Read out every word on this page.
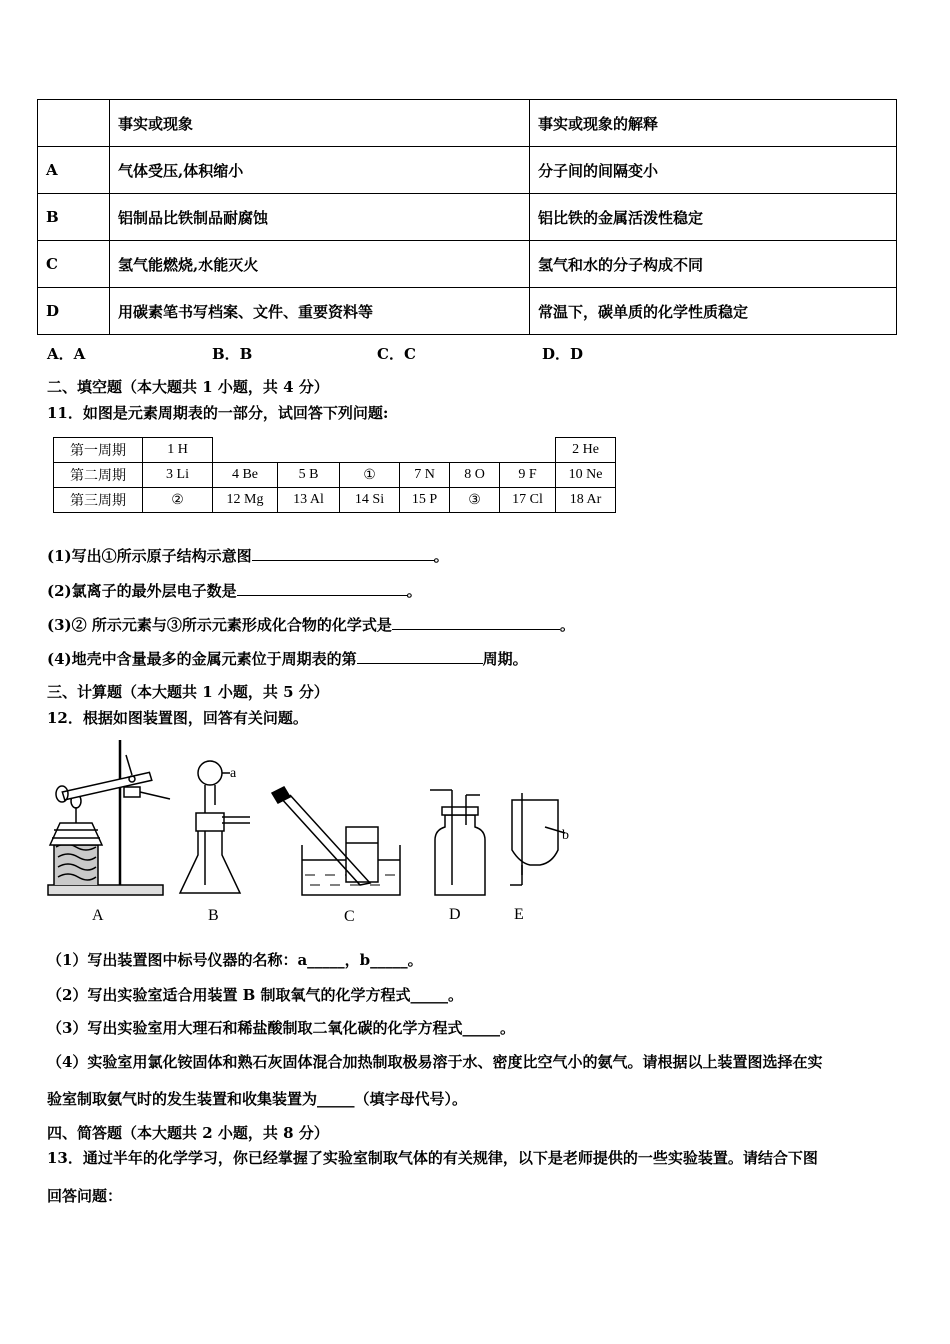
	事实或现象	事实或现象的解释
A	气体受压,体积缩小	分子间的间隔变小
B	铝制品比铁制品耐腐蚀	铝比铁的金属活泼性稳定
C	氢气能燃烧,水能灭火	氢气和水的分子构成不同
D	用碳素笔书写档案、文件、重要资料等	常温下，碳单质的化学性质稳定
A．A	B．B	C．C	D．D
二、填空题（本大题共 1 小题，共 4 分）
11．如图是元素周期表的一部分，试回答下列问题:
第一周期	1 H							2 He
第二周期	3 Li	4 Be	5 B	①	7 N	8 O	9 F	10 Ne
第三周期	②	12 Mg	13 Al	14 Si	15 P	③	17 Cl	18 Ar
(1)写出①所示原子结构示意图	。
(2)氯离子的最外层电子数是	。
(3)② 所示元素与③所示元素形成化合物的化学式是	。
(4)地壳中含量最多的金属元素位于周期表的第	周期。
三、计算题（本大题共 1 小题，共 5 分）
12．根据如图装置图，回答有关问题。
a
b
A	B	C	D	E
（1）写出装置图中标号仪器的名称：a_____，b_____。
（2）写出实验室适合用装置 B 制取氧气的化学方程式_____。
（3）写出实验室用大理石和稀盐酸制取二氧化碳的化学方程式_____。
（4）实验室用氯化铵固体和熟石灰固体混合加热制取极易溶于水、密度比空气小的氨气。请根据以上装置图选择在实
验室制取氨气时的发生装置和收集装置为_____（填字母代号）。
四、简答题（本大题共 2 小题，共 8 分）
13．通过半年的化学学习，你已经掌握了实验室制取气体的有关规律，以下是老师提供的一些实验装置。请结合下图
回答问题：
